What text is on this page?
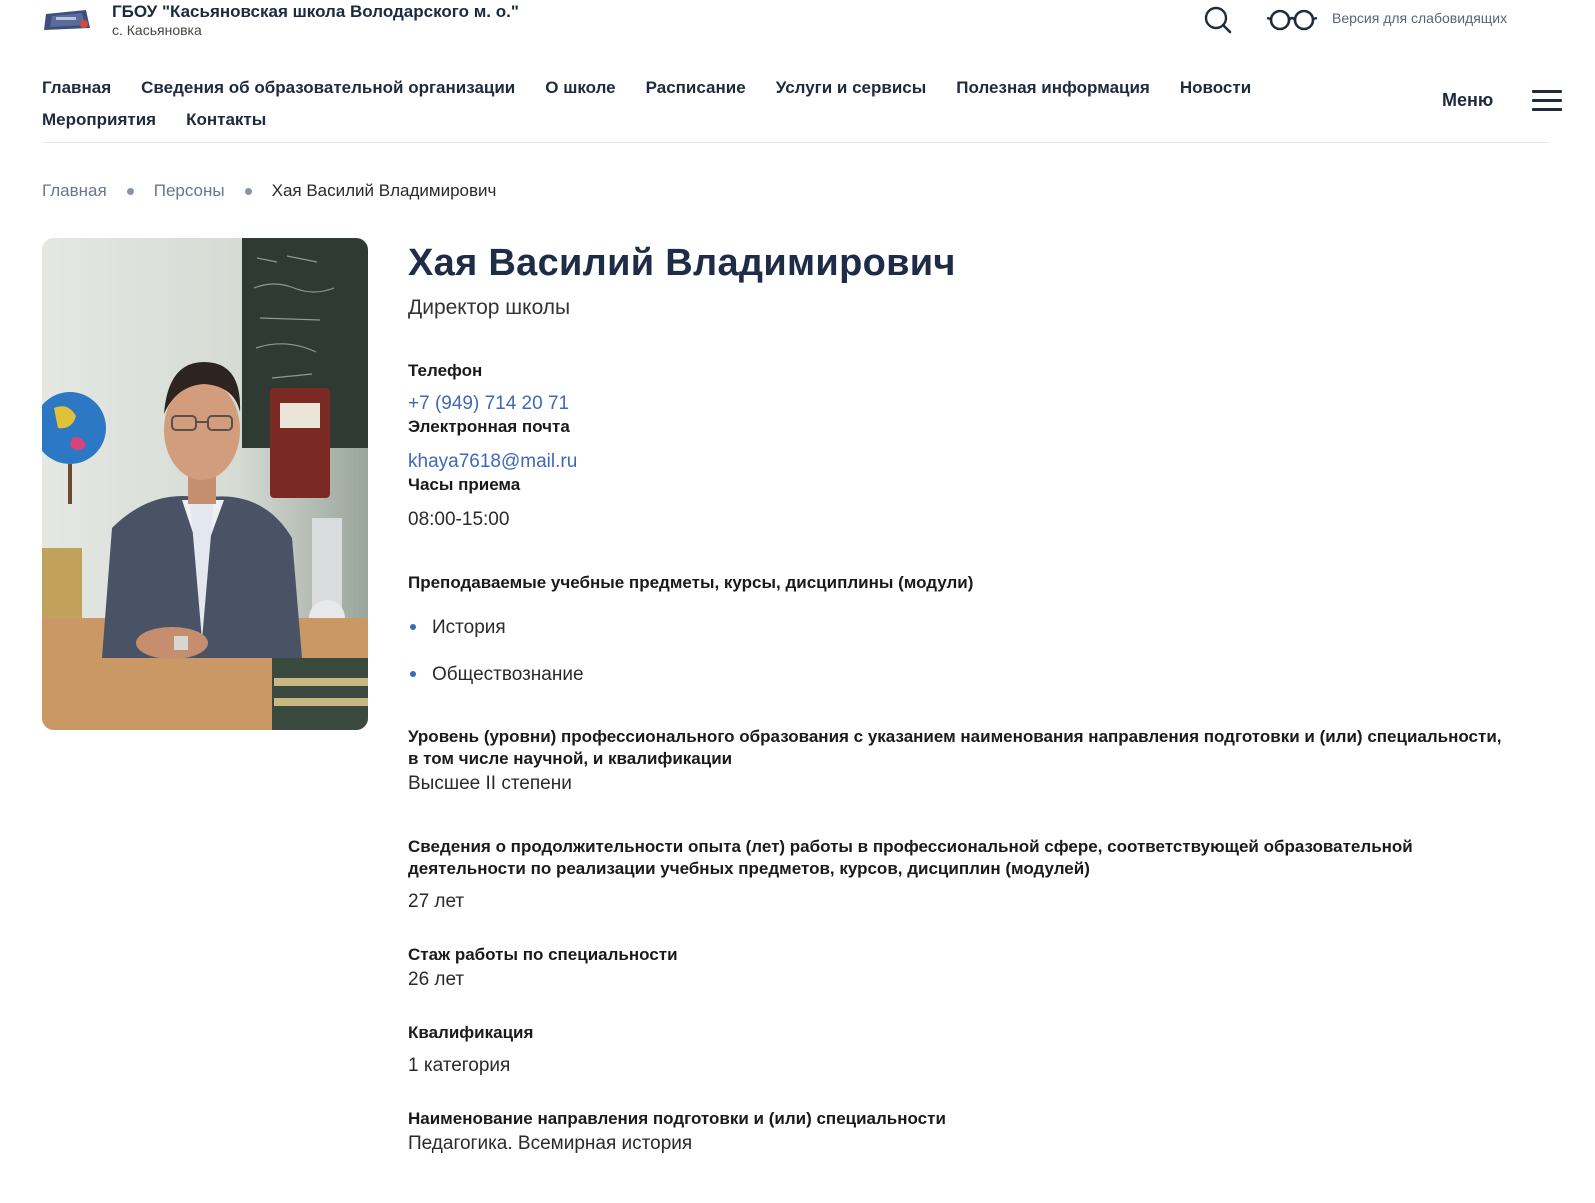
ГБОУ "Касьяновская школа Володарского м. о."
с. Касьяновка
Версия для слабовидящих
Главная Сведения об образовательной организации О школе Расписание Услуги и сервисы Полезная информация Новости
Мероприятия Контакты
Меню
Главная	Персоны	Хая Василий Владимирович
Хая Василий Владимирович
Директор школы
Телефон
+7 (949) 714 20 71
Электронная почта
khaya7618@mail.ru
Часы приема
08:00-15:00
Преподаваемые учебные предметы, курсы, дисциплины (модули)
История
Обществознание
Уровень (уровни) профессионального образования с указанием наименования направления подготовки и (или) специальности, в том числе научной, и квалификации
Высшее II степени
Сведения о продолжительности опыта (лет) работы в профессиональной сфере, соответствующей образовательной деятельности по реализации учебных предметов, курсов, дисциплин (модулей)
27 лет
Стаж работы по специальности
26 лет
Квалификация
1 категория
Наименование направления подготовки и (или) специальности
Педагогика. Всемирная история
